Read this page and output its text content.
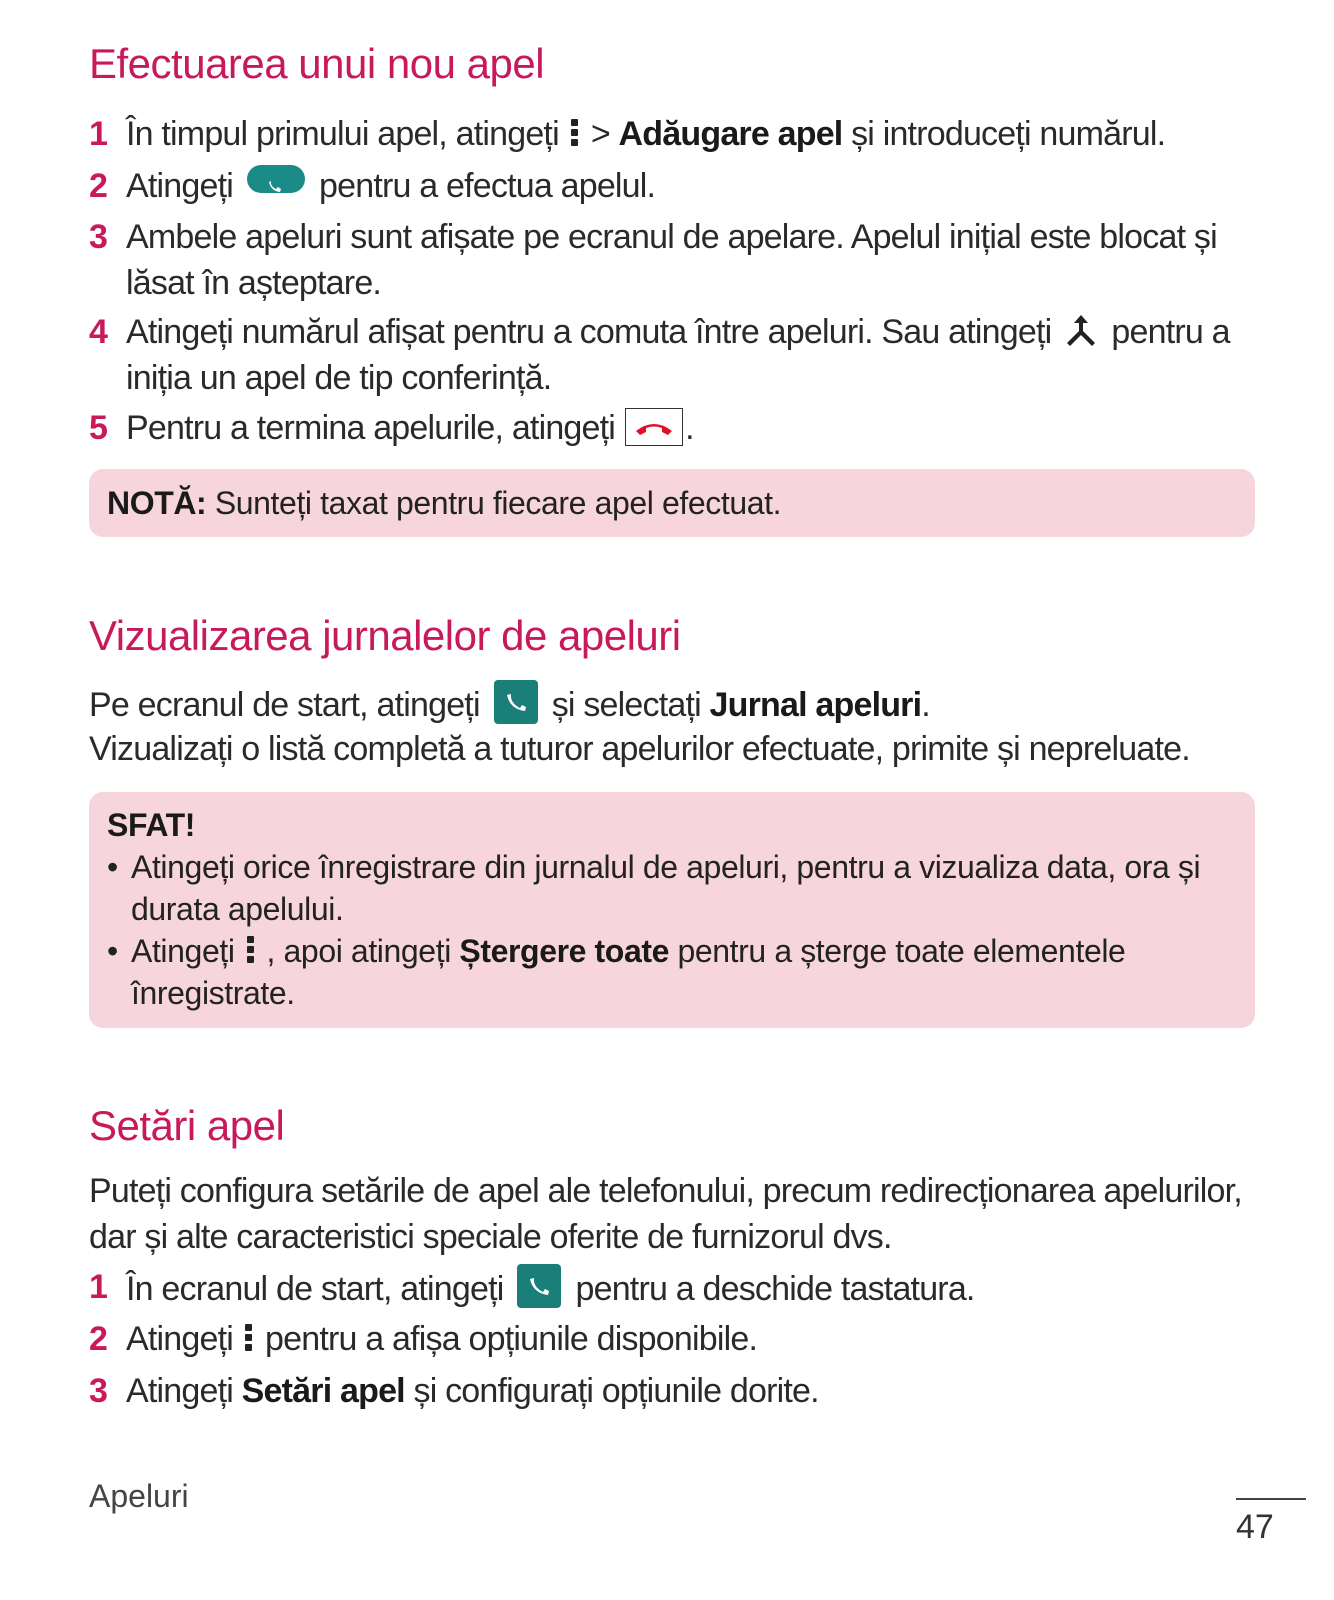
Efectuarea unui nou apel
1 În timpul primului apel, atingeți > Adăugare apel și introduceți numărul.
2 Atingeți	pentru a efectua apelul.
3 Ambele apeluri sunt afișate pe ecranul de apelare. Apelul inițial este blocat și lăsat în așteptare.
4 Atingeți numărul afișat pentru a comuta între apeluri. Sau atingeți pentru a iniția un apel de tip conferință.
5 Pentru a termina apelurile, atingeți .
NOTĂ: Sunteți taxat pentru fiecare apel efectuat.
Vizualizarea jurnalelor de apeluri
Pe ecranul de start, atingeți și selectați Jurnal apeluri.
Vizualizați o listă completă a tuturor apelurilor efectuate, primite și nepreluate.
SFAT!
• Atingeți orice înregistrare din jurnalul de apeluri, pentru a vizualiza data, ora și durata apelului.
• Atingeți , apoi atingeți Ștergere toate pentru a șterge toate elementele înregistrate.
Setări apel
Puteți configura setările de apel ale telefonului, precum redirecționarea apelurilor, dar și alte caracteristici speciale oferite de furnizorul dvs.
1 În ecranul de start, atingeți pentru a deschide tastatura.
2 Atingeți pentru a afișa opțiunile disponibile.
3 Atingeți Setări apel și configurați opțiunile dorite.
Apeluri
47
